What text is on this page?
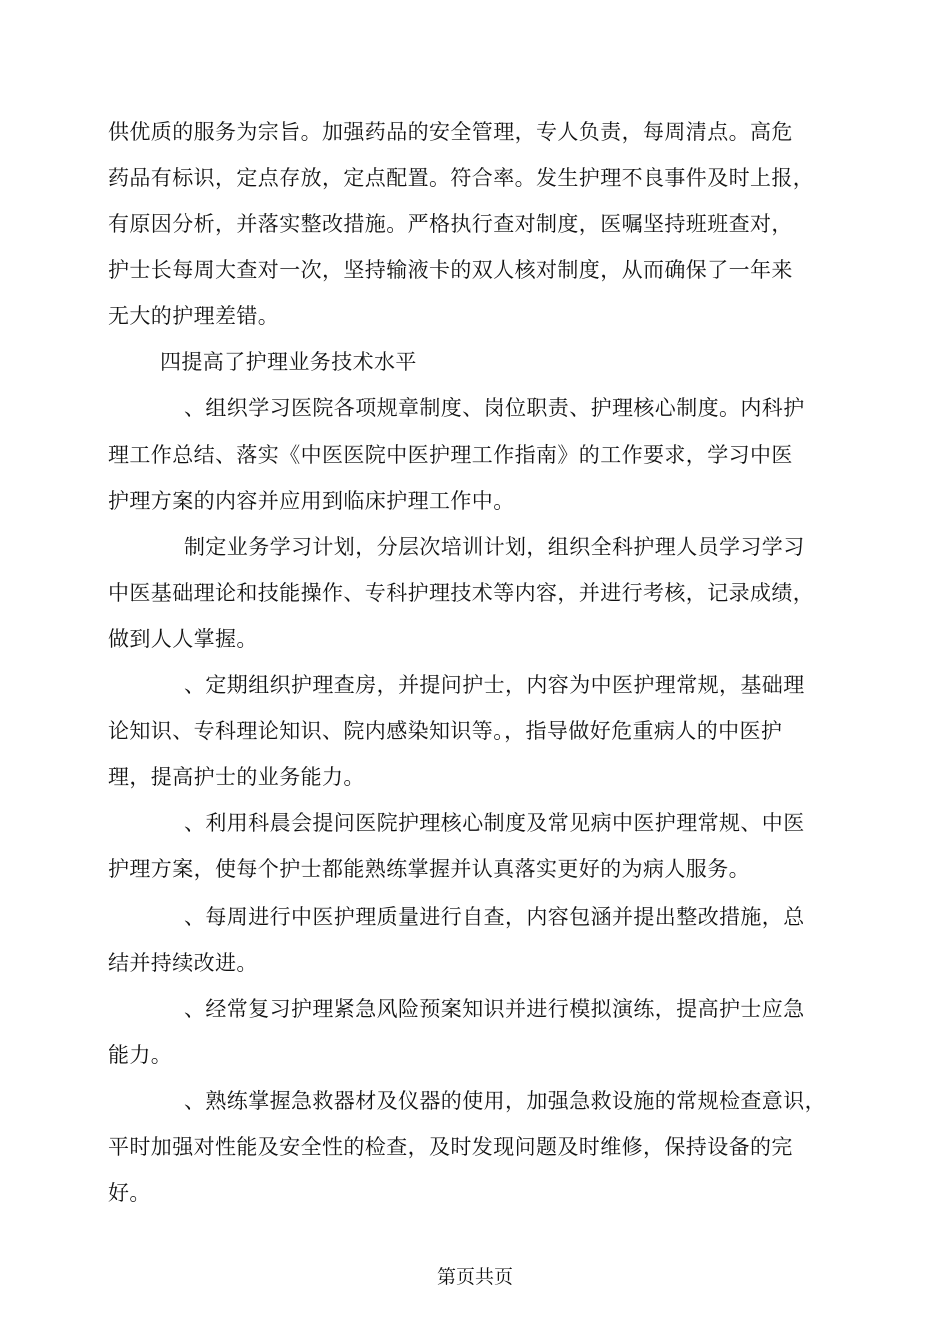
供优质的服务为宗旨。加强药品的安全管理，专人负责，每周清点。高危
药品有标识，定点存放，定点配置。符合率。发生护理不良事件及时上报，
有原因分析，并落实整改措施。严格执行查对制度，医嘱坚持班班查对，
护士长每周大查对一次，坚持输液卡的双人核对制度，从而确保了一年来
无大的护理差错。
四提高了护理业务技术水平
、组织学习医院各项规章制度、岗位职责、护理核心制度。内科护
理工作总结、落实《中医医院中医护理工作指南》的工作要求，学习中医
护理方案的内容并应用到临床护理工作中。
制定业务学习计划，分层次培训计划，组织全科护理人员学习学习
中医基础理论和技能操作、专科护理技术等内容，并进行考核，记录成绩，
做到人人掌握。
、定期组织护理查房，并提问护士，内容为中医护理常规，基础理
论知识、专科理论知识、院内感染知识等。，指导做好危重病人的中医护
理，提高护士的业务能力。
、利用科晨会提问医院护理核心制度及常见病中医护理常规、中医
护理方案，使每个护士都能熟练掌握并认真落实更好的为病人服务。
、每周进行中医护理质量进行自查，内容包涵并提出整改措施，总
结并持续改进。
、经常复习护理紧急风险预案知识并进行模拟演练，提高护士应急
能力。
、熟练掌握急救器材及仪器的使用，加强急救设施的常规检查意识，
平时加强对性能及安全性的检查，及时发现问题及时维修，保持设备的完
好。
第页共页
